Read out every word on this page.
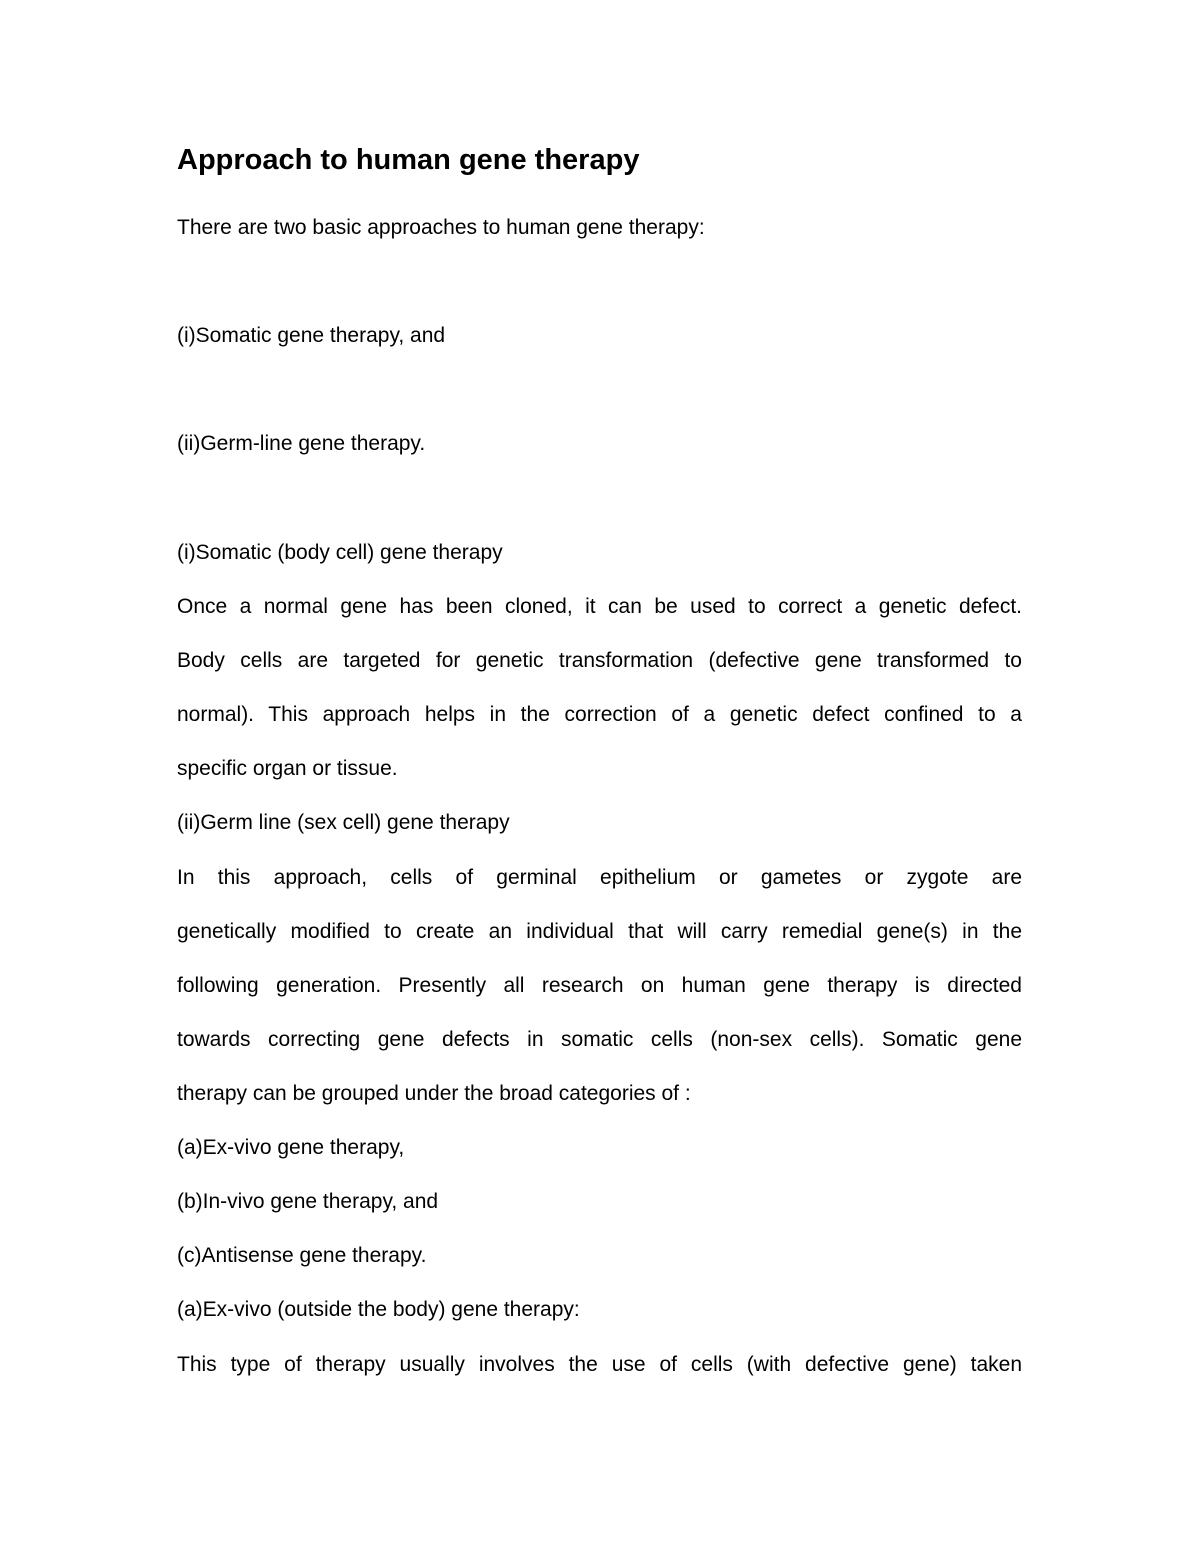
Approach to human gene therapy
There are two basic approaches to human gene therapy:
(i)Somatic gene therapy, and
(ii)Germ-line gene therapy.
(i)Somatic (body cell) gene therapy
Once a normal gene has been cloned, it can be used to correct a genetic defect.
Body cells are targeted for genetic transformation (defective gene transformed to
normal). This approach helps in the correction of a genetic defect confined to a
specific organ or tissue.
(ii)Germ line (sex cell) gene therapy
In this approach, cells of germinal epithelium or gametes or zygote are
genetically modified to create an individual that will carry remedial gene(s) in the
following generation. Presently all research on human gene therapy is directed
towards correcting gene defects in somatic cells (non-sex cells). Somatic gene
therapy can be grouped under the broad categories of :
(a)Ex-vivo gene therapy,
(b)In-vivo gene therapy, and
(c)Antisense gene therapy.
(a)Ex-vivo (outside the body) gene therapy:
This type of therapy usually involves the use of cells (with defective gene) taken
